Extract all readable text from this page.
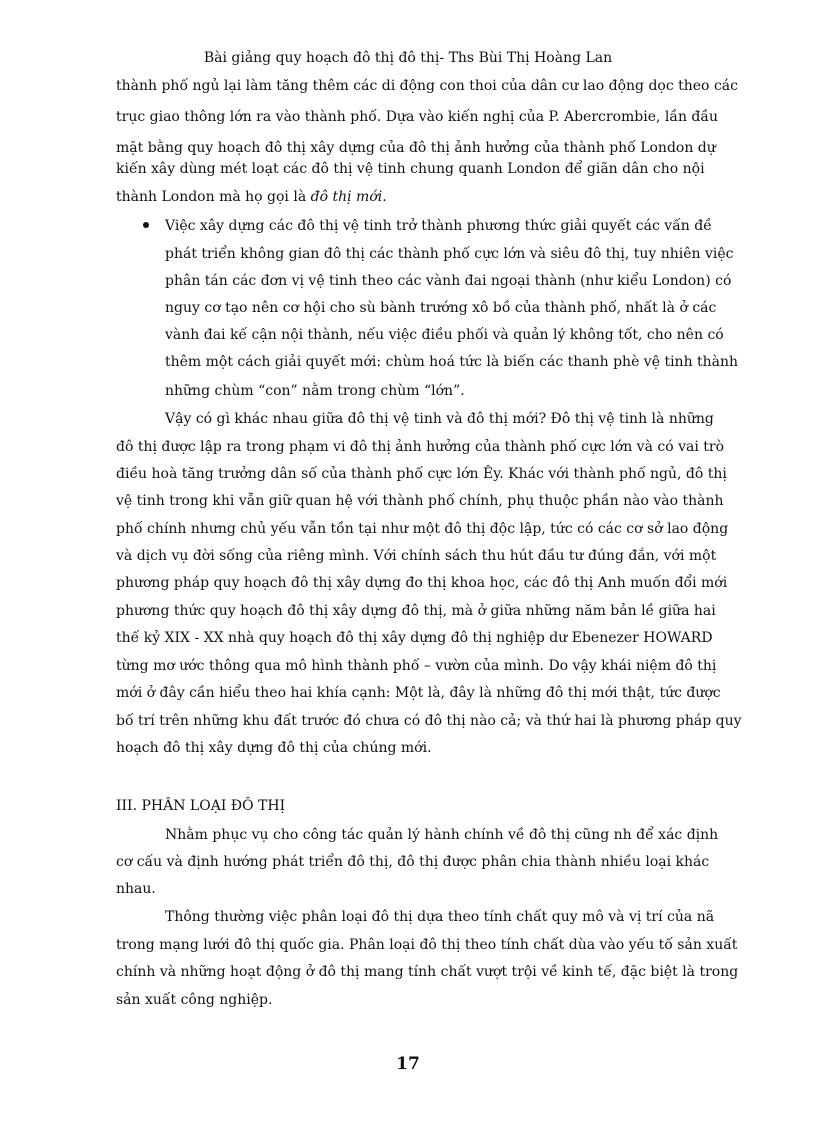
Bài giảng quy hoạch đô thị đô thị- Ths Bùi Thị Hoàng Lan
thành phố ngủ lại làm tăng thêm các di động con thoi của dân cư lao động dọc theo các
trục giao thông lớn ra vào thành phố. Dựa vào kiến nghị của P. Abercrombie, lần đầu
mặt bằng quy hoạch đô thị xây dựng của đô thị ảnh hưởng của thành phố London dự
kiến xây dùng mét loạt các đô thị vệ tinh chung quanh London để giãn dân cho nội
thành London mà họ gọi là đô thị mới.
Việc xây dựng các đô thị vệ tinh trở thành phương thức giải quyết các vấn đề
phát triển không gian đô thị các thành phố cực lớn và siêu đô thị, tuy nhiên việc
phân tán các đơn vị vệ tinh theo các vành đai ngoại thành (như kiểu London) có
nguy cơ tạo nên cơ hội cho sù bành trướng xô bồ của thành phố, nhất là ở các
vành đai kế cận nội thành, nếu việc điều phối và quản lý không tốt, cho nên có
thêm một cách giải quyết mới: chùm hoá tức là biến các thanh phè vệ tinh thành
những chùm “con” nằm trong chùm “lớn”.
Vậy có gì khác nhau giữa đô thị vệ tinh và đô thị mới? Đô thị vệ tinh là những
đô thị được lập ra trong phạm vi đô thị ảnh hưởng của thành phố cực lớn và có vai trò
điều hoà tăng trưởng dân số của thành phố cực lớn Êy. Khác với thành phố ngủ, đô thị
vệ tinh trong khi vẫn giữ quan hệ với thành phố chính, phụ thuộc phần nào vào thành
phố chính nhưng chủ yếu vẫn tồn tại như một đô thị độc lập, tức có các cơ sở lao động
và dịch vụ đời sống của riêng mình. Với chính sách thu hút đầu tư đúng đắn, với một
phương pháp quy hoạch đô thị xây dựng đo thị khoa học, các đô thị Anh muốn đổi mới
phương thức quy hoạch đô thị xây dựng đô thị, mà ở giữa những năm bản lề giữa hai
thế kỷ XIX - XX nhà quy hoạch đô thị xây dựng đô thị nghiệp dư Ebenezer HOWARD
từng mơ ước thông qua mô hình thành phố – vườn của mình. Do vậy khái niệm đô thị
mới ở đây cần hiểu theo hai khía cạnh: Một là, đây là những đô thị mới thật, tức được
bố trí trên những khu đất trước đó chưa có đô thị nào cả; và thứ hai là phương pháp quy
hoạch đô thị xây dựng đô thị của chúng mới.
III. PHÂN LOẠI ĐÔ THỊ
Nhằm phục vụ cho công tác quản lý hành chính về đô thị cũng nh để xác định
cơ cấu và định hướng phát triển đô thị, đô thị được phân chia thành nhiều loại khác
nhau.
Thông thường việc phân loại đô thị dựa theo tính chất quy mô và vị trí của nã
trong mạng lưới đô thị quốc gia. Phân loại đô thị theo tính chất dùa vào yếu tố sản xuất
chính và những hoạt động ở đô thị mang tính chất vượt trội về kinh tế, đặc biệt là trong
sản xuất công nghiệp.
17
